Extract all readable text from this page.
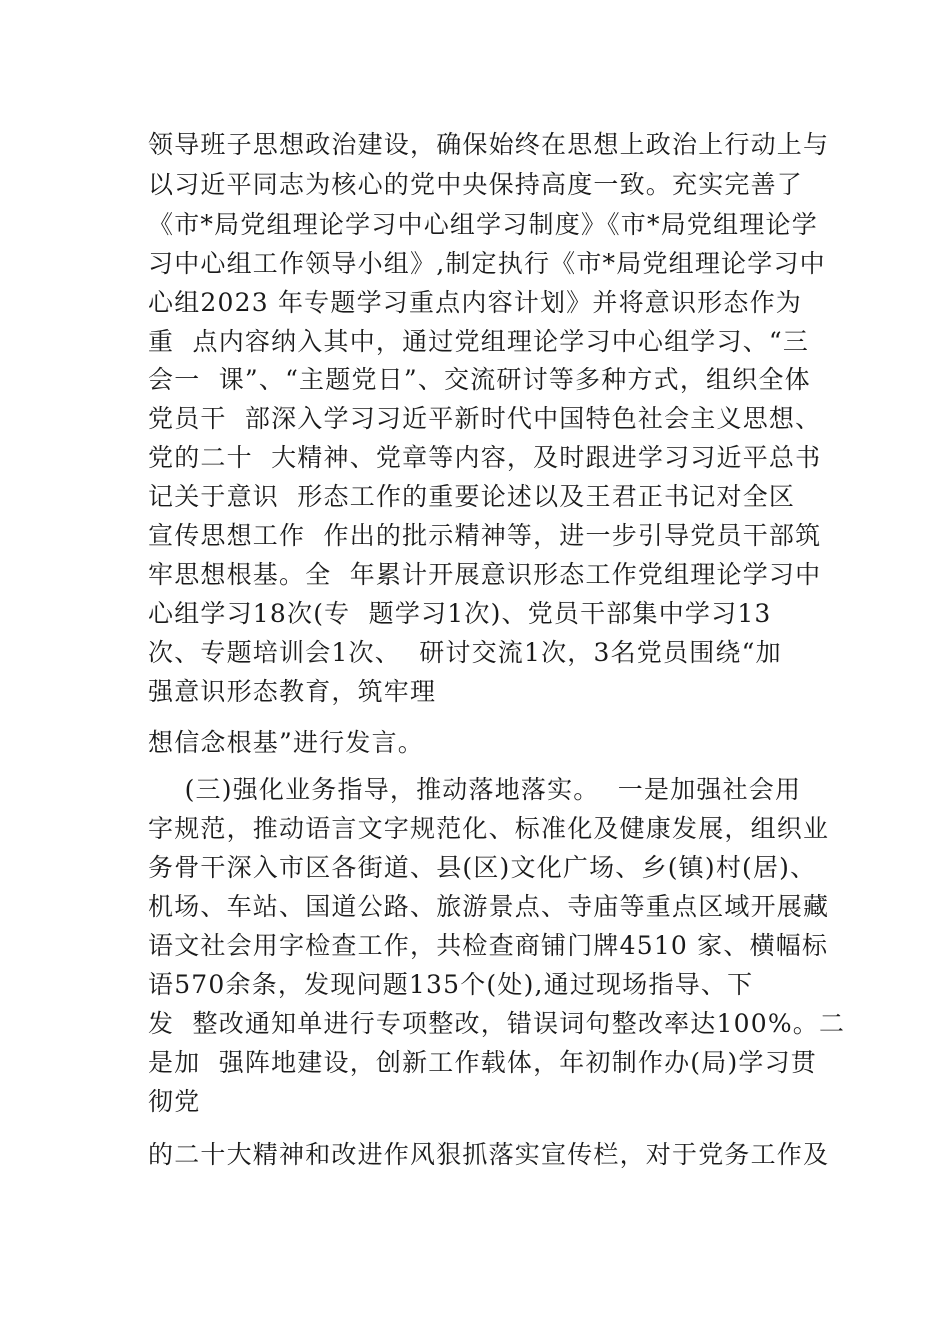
领导班子思想政治建设，确保始终在思想上政治上行动上与

以习近平同志为核心的党中央保持高度一致。充实完善了

《市*局党组理论学习中心组学习制度》《市*局党组理论学

习中心组工作领导小组》,制定执行《市*局党组理论学习中

心组2023 年专题学习重点内容计划》并将意识形态作为

重  点内容纳入其中，通过党组理论学习中心组学习、“三

会一  课”、“主题党日”、交流研讨等多种方式，组织全体

党员干  部深入学习习近平新时代中国特色社会主义思想、

党的二十  大精神、党章等内容，及时跟进学习习近平总书

记关于意识  形态工作的重要论述以及王君正书记对全区

宣传思想工作  作出的批示精神等，进一步引导党员干部筑

牢思想根基。全  年累计开展意识形态工作党组理论学习中

心组学习18次(专  题学习1次)、党员干部集中学习13

次、专题培训会1次、  研讨交流1次，3名党员围绕“加

强意识形态教育，筑牢理

想信念根基”进行发言。

(三)强化业务指导，推动落地落实。  一是加强社会用

字规范，推动语言文字规范化、标准化及健康发展，组织业

务骨干深入市区各街道、县(区)文化广场、乡(镇)村(居)、

机场、车站、国道公路、旅游景点、寺庙等重点区域开展藏

语文社会用字检查工作，共检查商铺门牌4510 家、横幅标

语570余条，发现问题135个(处),通过现场指导、下

发  整改通知单进行专项整改，错误词句整改率达100%。二

是加  强阵地建设，创新工作载体，年初制作办(局)学习贯

彻党

的二十大精神和改进作风狠抓落实宣传栏，对于党务工作及
